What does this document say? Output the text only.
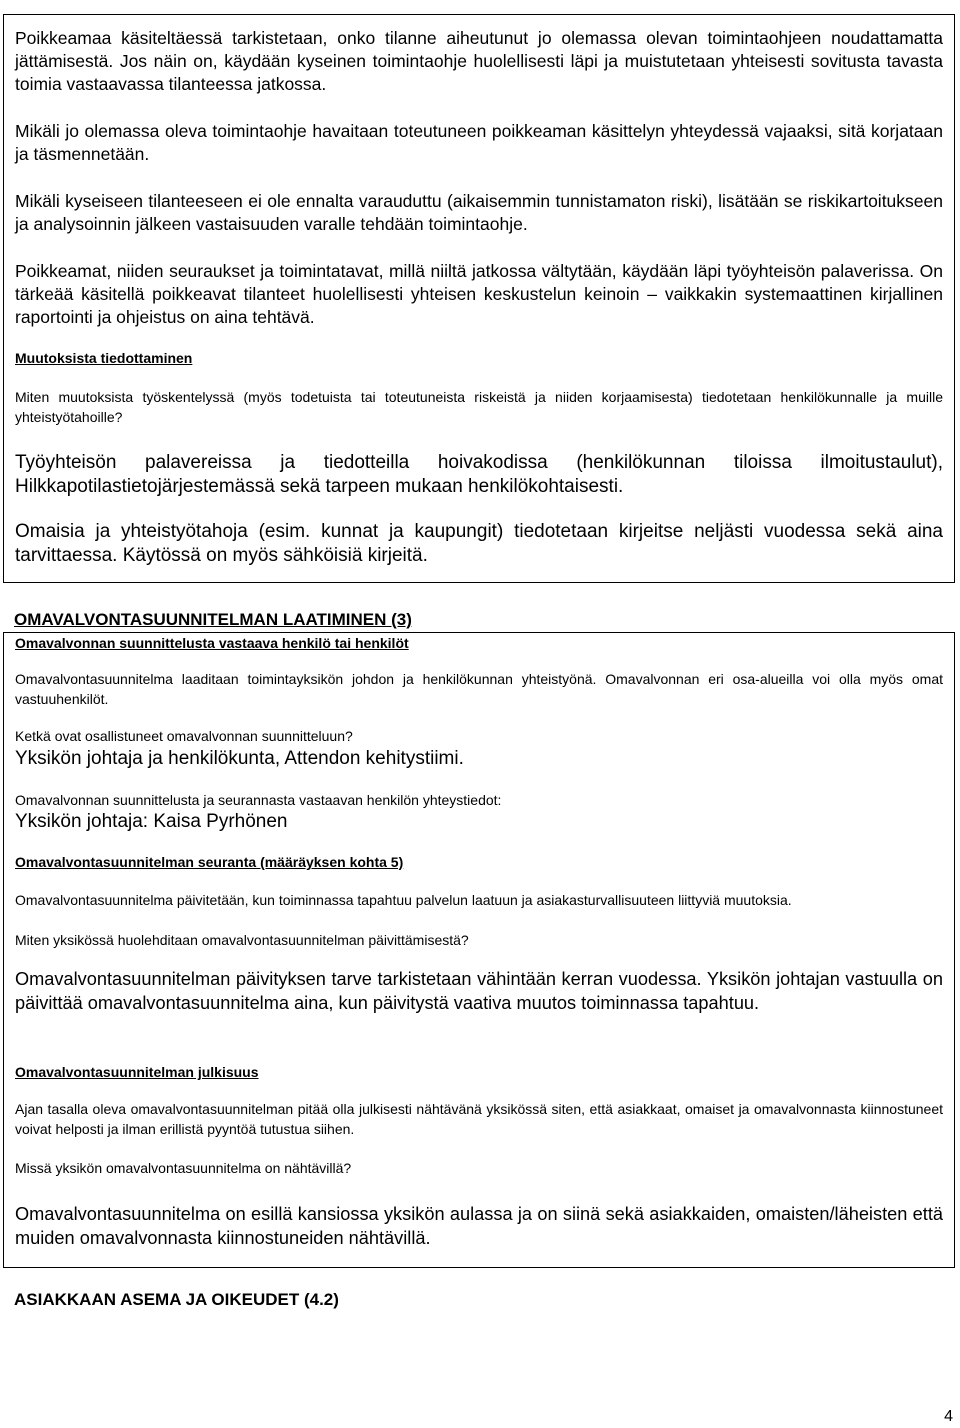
Poikkeamaa käsiteltäessä tarkistetaan, onko tilanne aiheutunut jo olemassa olevan toimintaohjeen noudattamatta jättämisestä. Jos näin on, käydään kyseinen toimintaohje huolellisesti läpi ja muistutetaan yhteisesti sovitusta tavasta toimia vastaavassa tilanteessa jatkossa.

Mikäli jo olemassa oleva toimintaohje havaitaan toteutuneen poikkeaman käsittelyn yhteydessä vajaaksi, sitä korjataan ja täsmennetään.

Mikäli kyseiseen tilanteeseen ei ole ennalta varauduttu (aikaisemmin tunnistamaton riski), lisätään se riskikartoitukseen ja analysoinnin jälkeen vastaisuuden varalle tehdään toimintaohje.

Poikkeamat, niiden seuraukset ja toimintatavat, millä niiltä jatkossa vältytään, käydään läpi työyhteisön palaverissa. On tärkeää käsitellä poikkeavat tilanteet huolellisesti yhteisen keskustelun keinoin – vaikkakin systemaattinen kirjallinen raportointi ja ohjeistus on aina tehtävä.

Muutoksista tiedottaminen

Miten muutoksista työskentelyssä (myös todetuista tai toteutuneista riskeistä ja niiden korjaamisesta) tiedotetaan henkilökunnalle ja muille yhteistyötahoille?

Työyhteisön palavereissa ja tiedotteilla hoivakodissa (henkilökunnan tiloissa ilmoitustaulut), Hilkkapotilastietojärjestemässä sekä tarpeen mukaan henkilökohtaisesti.

Omaisia ja yhteistyötahoja (esim. kunnat ja kaupungit) tiedotetaan kirjeitse neljästi vuodessa sekä aina tarvittaessa. Käytössä on myös sähköisiä kirjeitä.

OMAVALVONTASUUNNITELMAN LAATIMINEN (3)

Omavalvonnan suunnittelusta vastaava henkilö tai henkilöt

Omavalvontasuunnitelma laaditaan toimintayksikön johdon ja henkilökunnan yhteistyönä. Omavalvonnan eri osa-alueilla voi olla myös omat vastuuhenkilöt.

Ketkä ovat osallistuneet omavalvonnan suunnitteluun?

Yksikön johtaja ja henkilökunta, Attendon kehitystiimi.

Omavalvonnan suunnittelusta ja seurannasta vastaavan henkilön yhteystiedot:

Yksikön johtaja: Kaisa Pyrhönen

Omavalvontasuunnitelman seuranta (määräyksen kohta 5)

Omavalvontasuunnitelma päivitetään, kun toiminnassa tapahtuu palvelun laatuun ja asiakasturvallisuuteen liittyviä muutoksia.

Miten yksikössä huolehditaan omavalvontasuunnitelman päivittämisestä?

Omavalvontasuunnitelman päivityksen tarve tarkistetaan vähintään kerran vuodessa. Yksikön johtajan vastuulla on päivittää omavalvontasuunnitelma aina, kun päivitystä vaativa muutos toiminnassa tapahtuu.

Omavalvontasuunnitelman julkisuus

Ajan tasalla oleva omavalvontasuunnitelman pitää olla julkisesti nähtävänä yksikössä siten, että asiakkaat, omaiset ja omavalvonnasta kiinnostuneet voivat helposti ja ilman erillistä pyyntöä tutustua siihen.

Missä yksikön omavalvontasuunnitelma on nähtävillä?

Omavalvontasuunnitelma on esillä kansiossa yksikön aulassa ja on siinä sekä asiakkaiden, omaisten/läheisten että muiden omavalvonnasta kiinnostuneiden nähtävillä.

ASIAKKAAN ASEMA JA OIKEUDET (4.2)

4
